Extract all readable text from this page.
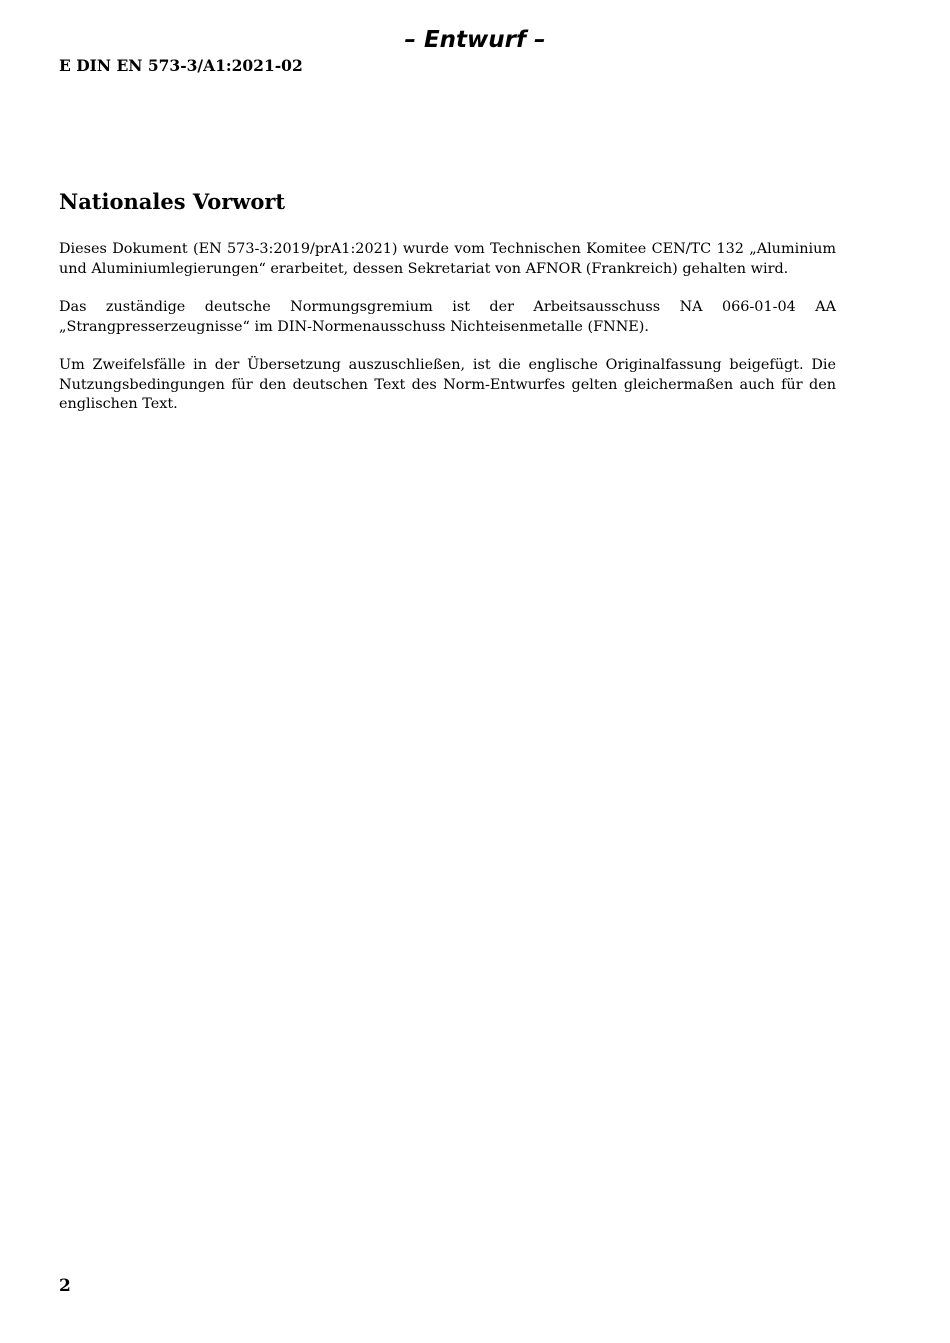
– Entwurf –
E DIN EN 573-3/A1:2021-02
Nationales Vorwort

Dieses Dokument (EN 573-3:2019/prA1:2021) wurde vom Technischen Komitee CEN/TC 132 „Aluminium und Aluminiumlegierungen“ erarbeitet, dessen Sekretariat von AFNOR (Frankreich) gehalten wird.

Das zuständige deutsche Normungsgremium ist der Arbeitsausschuss NA 066-01-04 AA „Strangpresserzeugnisse“ im DIN-Normenausschuss Nichteisenmetalle (FNNE).

Um Zweifelsfälle in der Übersetzung auszuschließen, ist die englische Originalfassung beigefügt. Die Nutzungsbedingungen für den deutschen Text des Norm-Entwurfes gelten gleichermaßen auch für den englischen Text.

2
